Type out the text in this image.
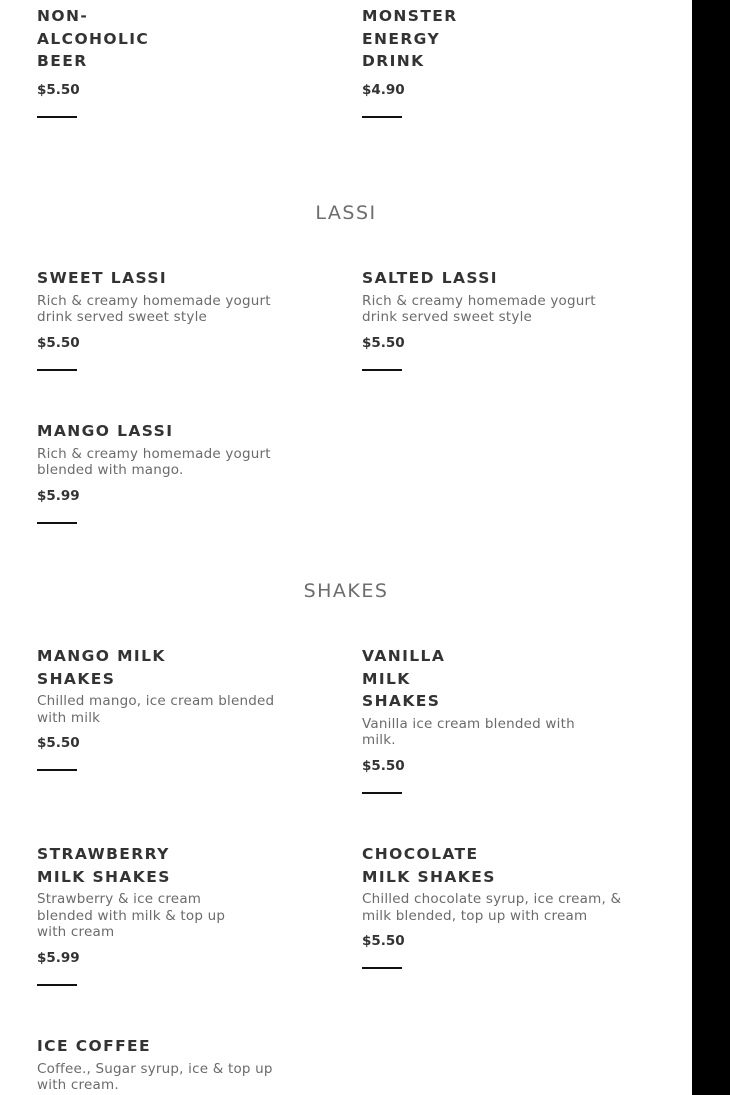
NON-
ALCOHOLIC
BEER
$5.50
MONSTER
ENERGY
DRINK
$4.90
LASSI
SWEET LASSI
Rich & creamy homemade yogurt drink served sweet style
$5.50
SALTED LASSI
Rich & creamy homemade yogurt drink served sweet style
$5.50
MANGO LASSI
Rich & creamy homemade yogurt blended with mango.
$5.99
SHAKES
MANGO MILK
SHAKES
Chilled mango, ice cream blended with milk
$5.50
VANILLA
MILK
SHAKES
Vanilla ice cream blended with milk.
$5.50
STRAWBERRY
MILK SHAKES
Strawberry & ice cream blended with milk & top up with cream
$5.99
CHOCOLATE
MILK SHAKES
Chilled chocolate syrup, ice cream, & milk blended, top up with cream
$5.50
ICE COFFEE
Coffee., Sugar syrup, ice & top up with cream.
